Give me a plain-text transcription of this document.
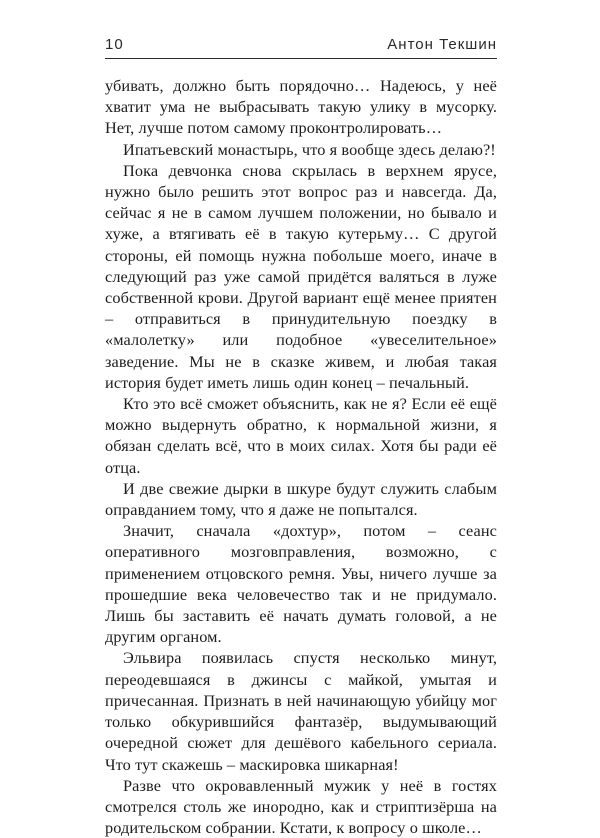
10	Антон Текшин

убивать, должно быть порядочно… Надеюсь, у неё хватит ума не выбрасывать такую улику в мусорку. Нет, лучше потом самому проконтролировать…

Ипатьевский монастырь, что я вообще здесь делаю?!

Пока девчонка снова скрылась в верхнем ярусе, нужно было решить этот вопрос раз и навсегда. Да, сейчас я не в самом лучшем положении, но бывало и хуже, а втягивать её в такую кутерьму… С другой стороны, ей помощь нужна побольше моего, иначе в следующий раз уже самой придётся валяться в луже собственной крови. Другой вариант ещё менее приятен – отправиться в принудительную поездку в «малолетку» или подобное «увеселительное» заведение. Мы не в сказке живем, и любая такая история будет иметь лишь один конец – печальный.

Кто это всё сможет объяснить, как не я? Если её ещё можно выдернуть обратно, к нормальной жизни, я обязан сделать всё, что в моих силах. Хотя бы ради её отца.

И две свежие дырки в шкуре будут служить слабым оправданием тому, что я даже не попытался.

Значит, сначала «дохтур», потом – сеанс оперативного мозговправления, возможно, с применением отцовского ремня. Увы, ничего лучше за прошедшие века человечество так и не придумало. Лишь бы заставить её начать думать головой, а не другим органом.

Эльвира появилась спустя несколько минут, переодевшаяся в джинсы с майкой, умытая и причесанная. Признать в ней начинающую убийцу мог только обкурившийся фантазёр, выдумывающий очередной сюжет для дешёвого кабельного сериала. Что тут скажешь – маскировка шикарная!

Разве что окровавленный мужик у неё в гостях смотрелся столь же инородно, как и стриптизёрша на родительском собрании. Кстати, к вопросу о школе…
